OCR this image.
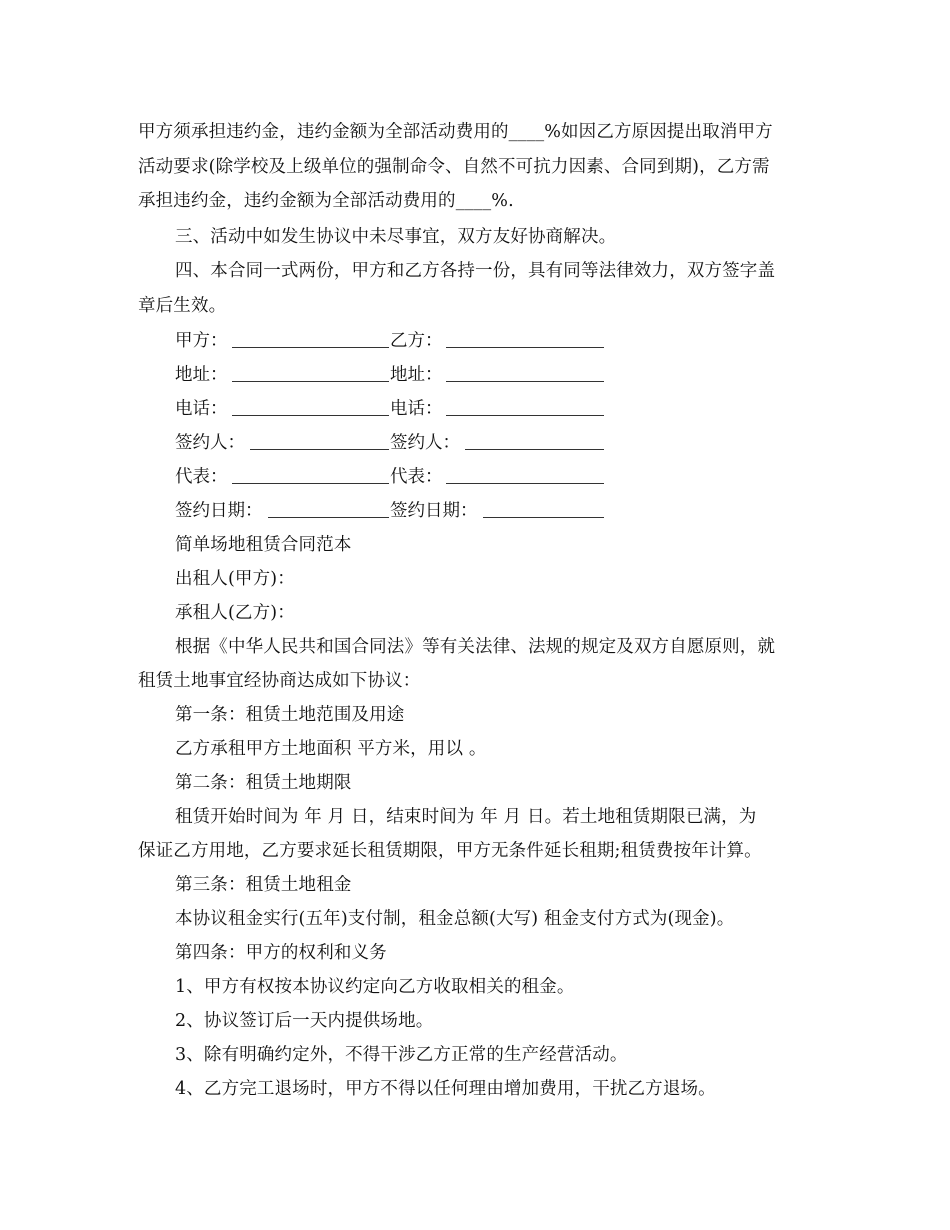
甲方须承担违约金，违约金额为全部活动费用的____%如因乙方原因提出取消甲方
活动要求(除学校及上级单位的强制命令、自然不可抗力因素、合同到期)，乙方需
承担违约金，违约金额为全部活动费用的____%.
三、活动中如发生协议中未尽事宜，双方友好协商解决。
四、本合同一式两份，甲方和乙方各持一份，具有同等法律效力，双方签字盖
章后生效。
甲方：	乙方：
地址：	地址：
电话：	电话：
签约人：	签约人：
代表：	代表：
签约日期：	签约日期：
简单场地租赁合同范本
出租人(甲方)：
承租人(乙方)：
根据《中华人民共和国合同法》等有关法律、法规的规定及双方自愿原则，就
租赁土地事宜经协商达成如下协议：
第一条：租赁土地范围及用途
乙方承租甲方土地面积 平方米，用以 。
第二条：租赁土地期限
租赁开始时间为 年 月 日，结束时间为 年 月 日。若土地租赁期限已满，为
保证乙方用地，乙方要求延长租赁期限，甲方无条件延长租期;租赁费按年计算。
第三条：租赁土地租金
本协议租金实行(五年)支付制，租金总额(大写) 租金支付方式为(现金)。
第四条：甲方的权利和义务
1、甲方有权按本协议约定向乙方收取相关的租金。
2、协议签订后一天内提供场地。
3、除有明确约定外，不得干涉乙方正常的生产经营活动。
4、乙方完工退场时，甲方不得以任何理由增加费用，干扰乙方退场。
